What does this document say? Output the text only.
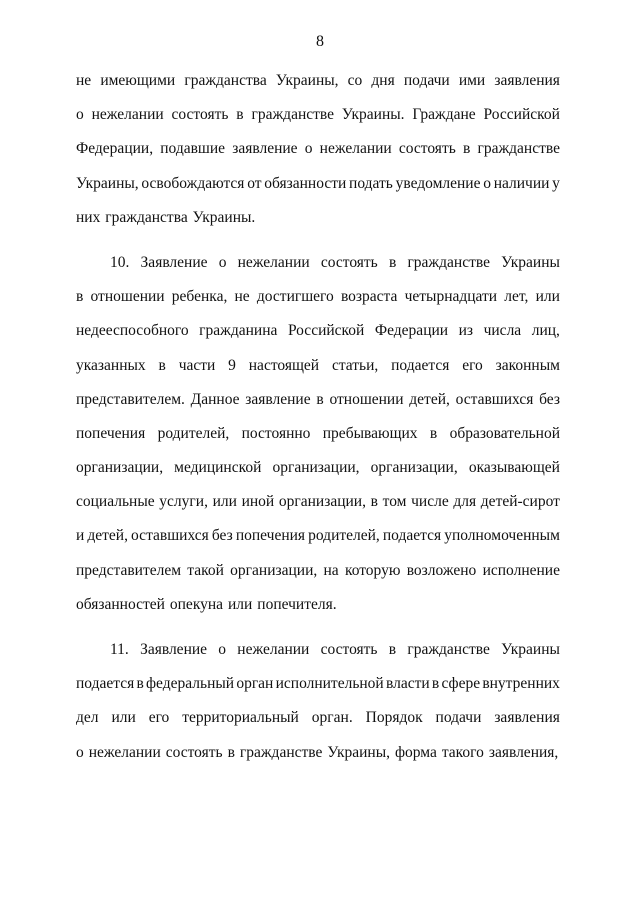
8
не имеющими гражданства Украины, со дня подачи ими заявления
о нежелании состоять в гражданстве Украины. Граждане Российской
Федерации, подавшие заявление о нежелании состоять в гражданстве
Украины, освобождаются от обязанности подать уведомление о наличии у
них гражданства Украины.
10. Заявление о нежелании состоять в гражданстве Украины
в отношении ребенка, не достигшего возраста четырнадцати лет, или
недееспособного гражданина Российской Федерации из числа лиц,
указанных в части 9 настоящей статьи, подается его законным
представителем. Данное заявление в отношении детей, оставшихся без
попечения родителей, постоянно пребывающих в образовательной
организации, медицинской организации, организации, оказывающей
социальные услуги, или иной организации, в том числе для детей-сирот
и детей, оставшихся без попечения родителей, подается уполномоченным
представителем такой организации, на которую возложено исполнение
обязанностей опекуна или попечителя.
11. Заявление о нежелании состоять в гражданстве Украины
подается в федеральный орган исполнительной власти в сфере внутренних
дел или его территориальный орган. Порядок подачи заявления
о нежелании состоять в гражданстве Украины, форма такого заявления,
